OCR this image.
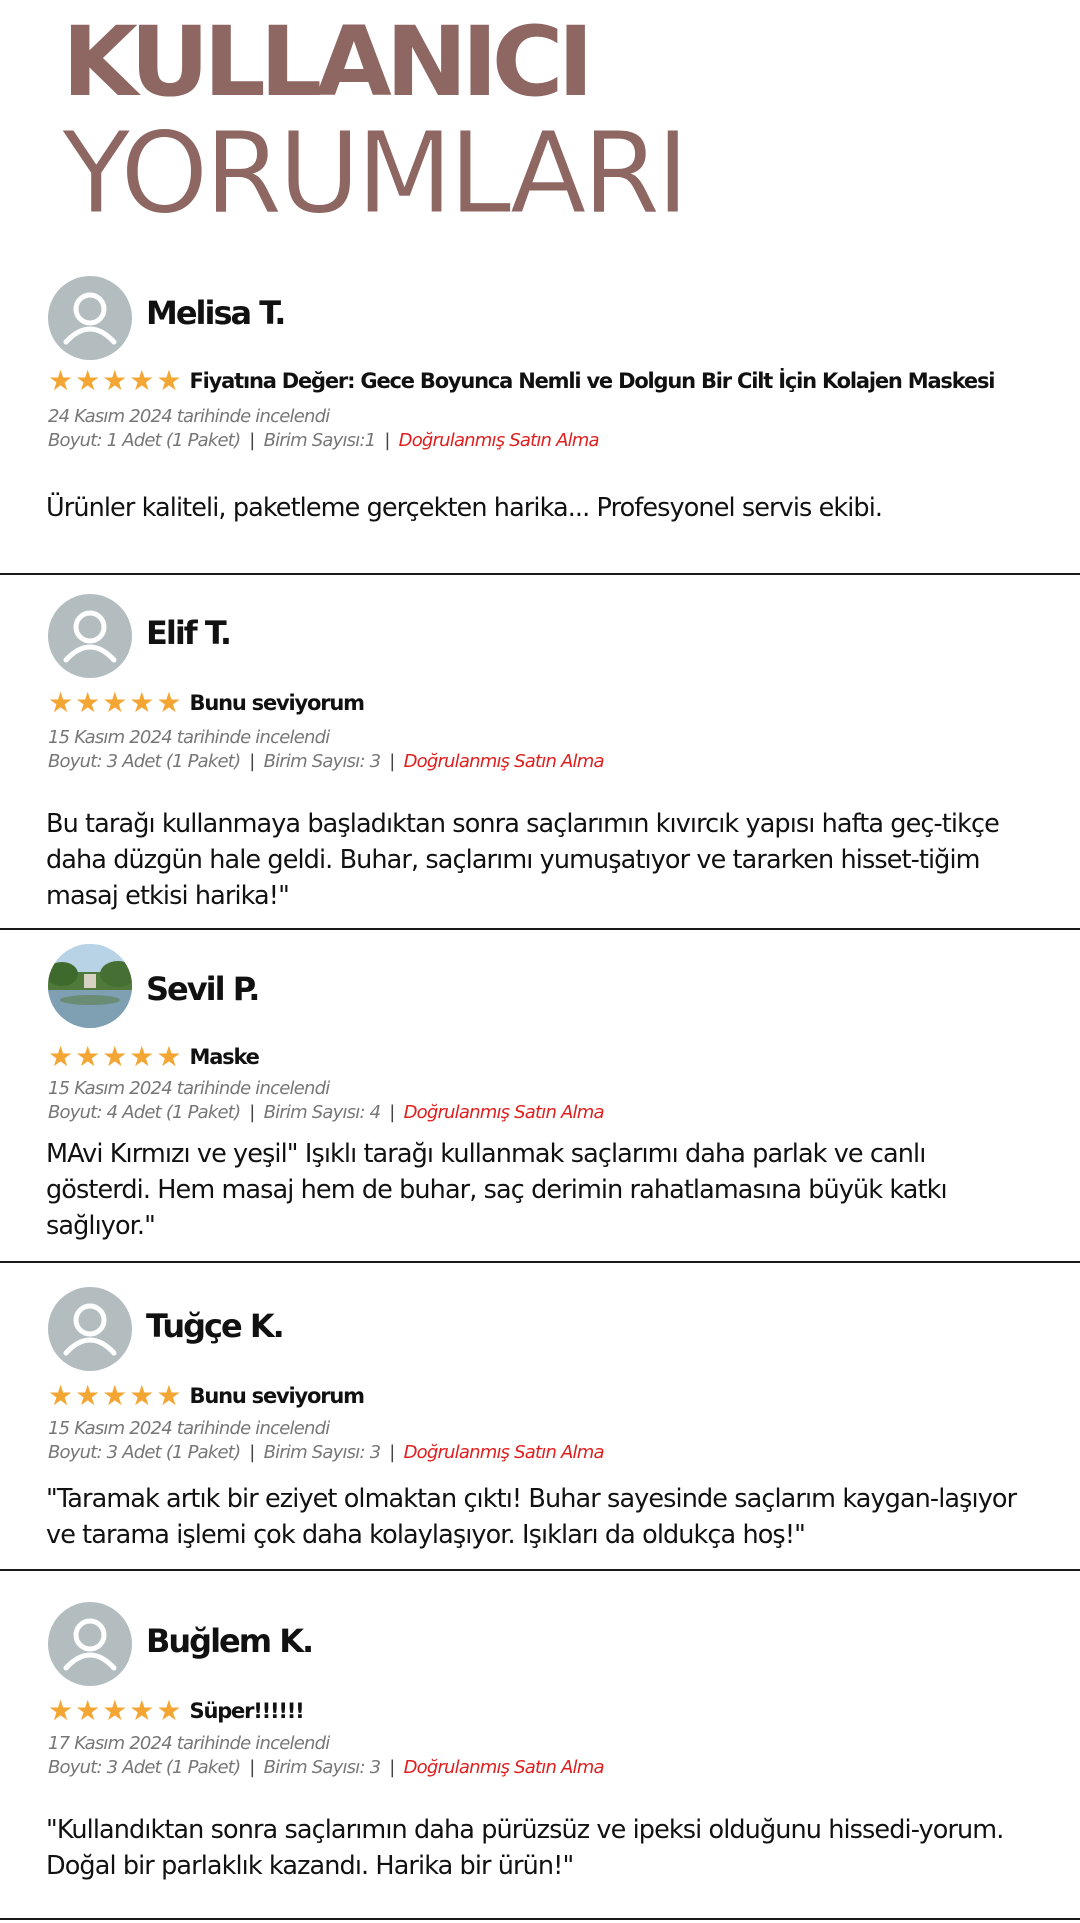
KULLANICI
YORUMLARI
Melisa T.
★★★★★ Fiyatına Değer: Gece Boyunca Nemli ve Dolgun Bir Cilt İçin Kolajen Maskesi
24 Kasım 2024 tarihinde incelendi
Boyut: 1 Adet (1 Paket) | Birim Sayısı:1 | Doğrulanmış Satın Alma
Ürünler kaliteli, paketleme gerçekten harika... Profesyonel servis ekibi.
Elif T.
★★★★★ Bunu seviyorum
15 Kasım 2024 tarihinde incelendi
Boyut: 3 Adet (1 Paket) | Birim Sayısı: 3 | Doğrulanmış Satın Alma
Bu tarağı kullanmaya başladıktan sonra saçlarımın kıvırcık yapısı hafta geç-tikçe daha düzgün hale geldi. Buhar, saçlarımı yumuşatıyor ve tararken hisset-tiğim masaj etkisi harika!"
Sevil P.
★★★★★ Maske
15 Kasım 2024 tarihinde incelendi
Boyut: 4 Adet (1 Paket) | Birim Sayısı: 4 | Doğrulanmış Satın Alma
MAvi Kırmızı ve yeşil" Işıklı tarağı kullanmak saçlarımı daha parlak ve canlı gösterdi. Hem masaj hem de buhar, saç derimin rahatlamasına büyük katkı sağlıyor."
Tuğçe K.
★★★★★ Bunu seviyorum
15 Kasım 2024 tarihinde incelendi
Boyut: 3 Adet (1 Paket) | Birim Sayısı: 3 | Doğrulanmış Satın Alma
"Taramak artık bir eziyet olmaktan çıktı! Buhar sayesinde saçlarım kaygan-laşıyor ve tarama işlemi çok daha kolaylaşıyor. Işıkları da oldukça hoş!"
Buğlem K.
★★★★★ Süper!!!!!!
17 Kasım 2024 tarihinde incelendi
Boyut: 3 Adet (1 Paket) | Birim Sayısı: 3 | Doğrulanmış Satın Alma
"Kullandıktan sonra saçlarımın daha pürüzsüz ve ipeksi olduğunu hissedi-yorum. Doğal bir parlaklık kazandı. Harika bir ürün!"
